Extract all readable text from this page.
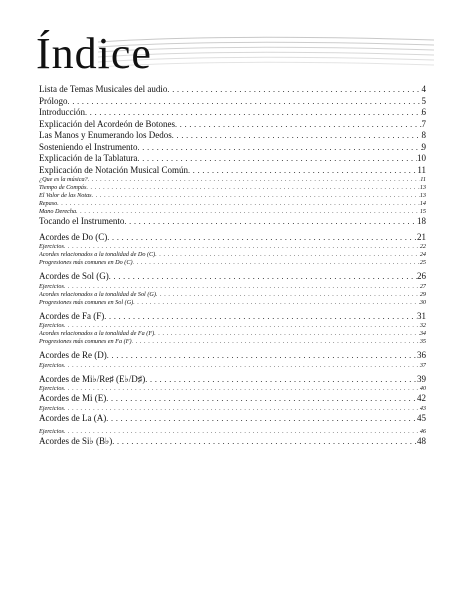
Índice
Lista de Temas Musicales del audio . . .	4
Prólogo . . .	5
Introducción . . .	6
Explicación del Acordeón de Botones . . .	7
Las Manos y Enumerando los Dedos . . .	8
Sosteniendo el Instrumento . . .	9
Explicación de la Tablatura . . .	10
Explicación de Notación Musical Común . . .	11
¿Que es la música? . . .	11
Tiempo de Compás . . .	13
El Valor de las Notas . . .	13
Repaso . . .	14
Mano Derecha . . .	15
Tocando el Instrumento . . .	18
Acordes de Do (C) . . .	21
Ejercicios . . .	22
Acordes relacionados a la tonalidad de Do (C) . . .	24
Progresiones más comunes en Do (C) . . .	25
Acordes de Sol (G) . . .	26
Ejercicios . . .	27
Acordes relacionados a la tonalidad de Sol (G) . . .	29
Progresiones más comunes en Sol (G) . . .	30
Acordes de Fa (F) . . .	31
Ejercicios . . .	32
Acordes relacionados a la tonalidad de Fa (F) . . .	34
Progresiones más comunes en Fa (F) . . .	35
Acordes de Re (D) . . .	36
Ejercicios . . .	37
Acordes de Mi♭/Re♯ (E♭/D♯) . . .	39
Ejercicios . . .	40
Acordes de Mi (E) . . .	42
Ejercicios . . .	43
Acordes de La (A) . . .	45
Ejercicios . . .	46
Acordes de Si♭ (B♭) . . .	48
